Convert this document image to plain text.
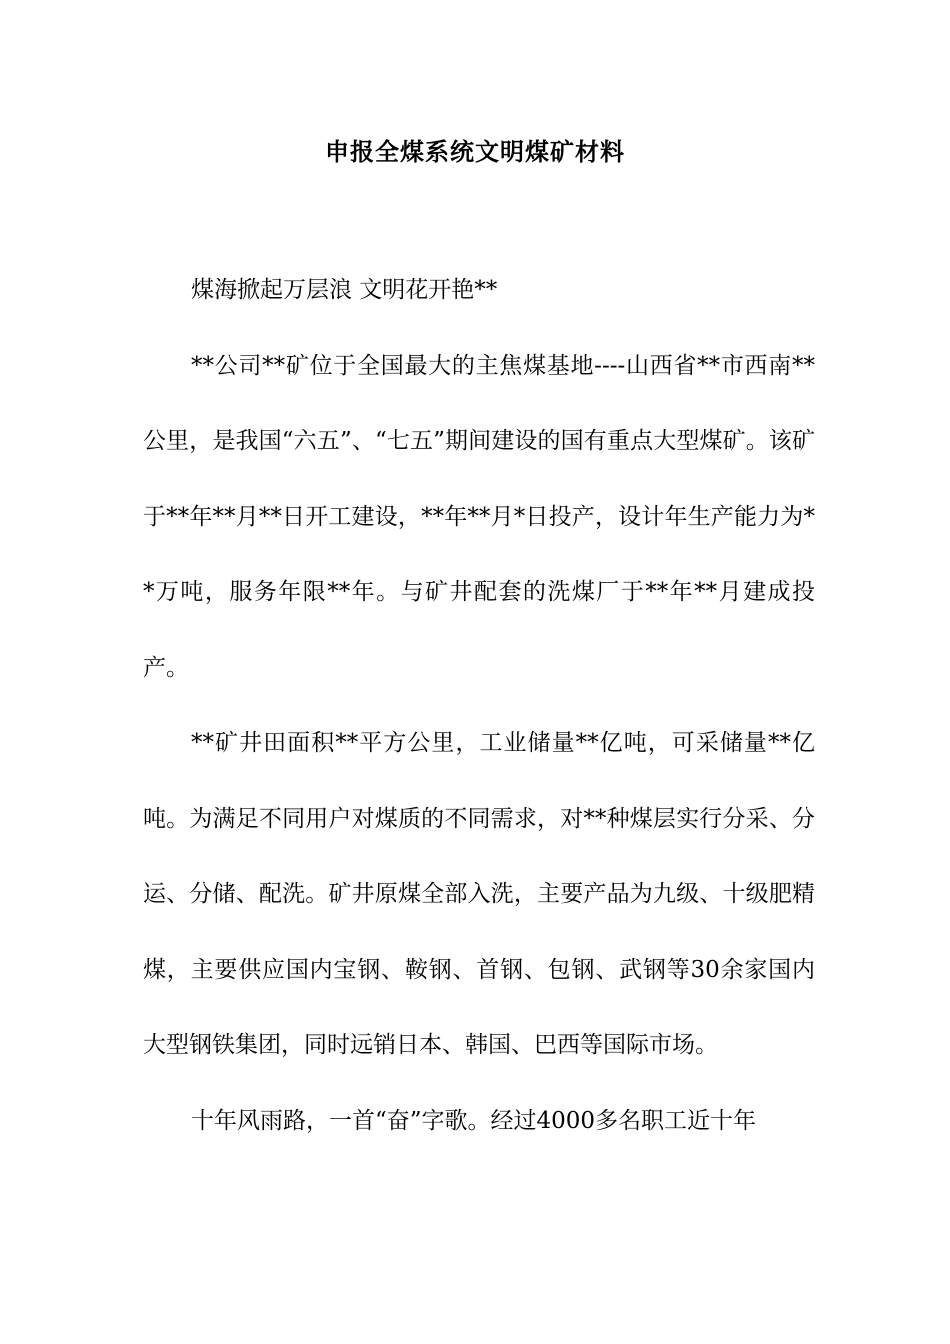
申报全煤系统文明煤矿材料

煤海掀起万层浪 文明花开艳**

**公司**矿位于全国最大的主焦煤基地----山西省**市西南**公里，是我国“六五”、“七五”期间建设的国有重点大型煤矿。该矿于**年**月**日开工建设，**年**月*日投产，设计年生产能力为**万吨，服务年限**年。与矿井配套的洗煤厂于**年**月建成投产。

**矿井田面积**平方公里，工业储量**亿吨，可采储量**亿吨。为满足不同用户对煤质的不同需求，对**种煤层实行分采、分运、分储、配洗。矿井原煤全部入洗，主要产品为九级、十级肥精煤，主要供应国内宝钢、鞍钢、首钢、包钢、武钢等30余家国内大型钢铁集团，同时远销日本、韩国、巴西等国际市场。

十年风雨路，一首“奋”字歌。经过4000多名职工近十年
